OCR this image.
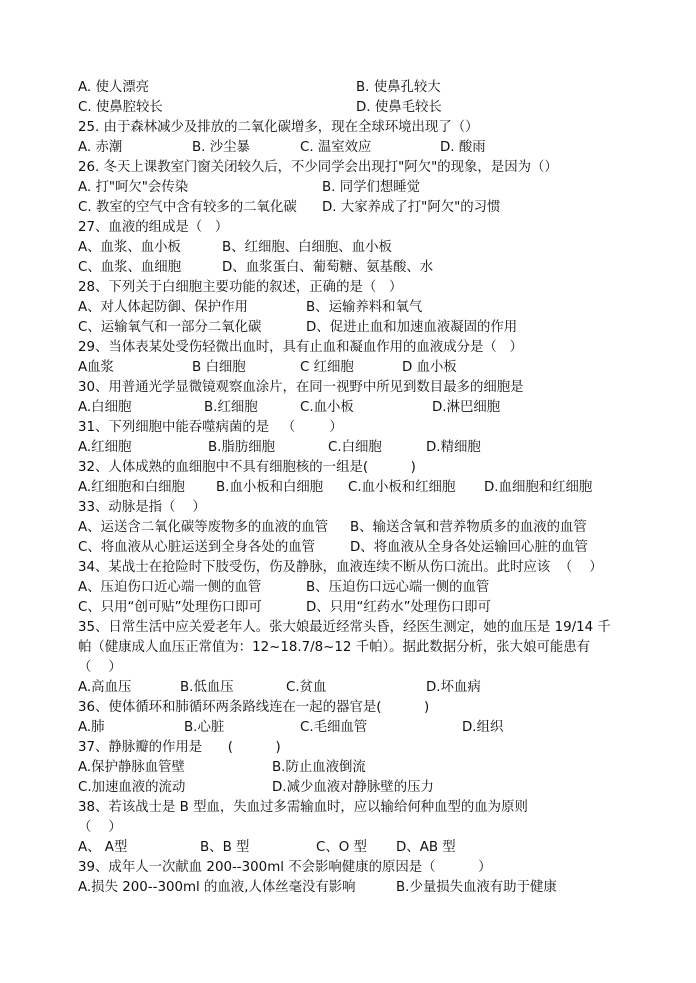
A. 使人漂亮	B. 使鼻孔较大
C. 使鼻腔较长	D. 使鼻毛较长
25. 由于森林减少及排放的二氧化碳增多，现在全球环境出现了（）
A. 赤潮	B. 沙尘暴	C. 温室效应	D. 酸雨
26. 冬天上课教室门窗关闭较久后，不少同学会出现打"阿欠"的现象，是因为（）
A. 打"呵欠"会传染	B. 同学们想睡觉
C. 教室的空气中含有较多的二氧化碳 D. 大家养成了打"阿欠"的习惯
27、血液的组成是（   ）
A、血浆、血小板	B、红细胞、白细胞、血小板
C、血浆、血细胞	D、血浆蛋白、葡萄糖、氨基酸、水
28、下列关于白细胞主要功能的叙述，正确的是（   ）
A、对人体起防御、保护作用	B、运输养料和氧气
C、运输氧气和一部分二氧化碳	D、促进止血和加速血液凝固的作用
29、当体表某处受伤轻微出血时，具有止血和凝血作用的血液成分是（   ）
A血浆	B 白细胞	C 红细胞	D 血小板
30、用普通光学显微镜观察血涂片，在同一视野中所见到数目最多的细胞是
A.白细胞	B.红细胞	C.血小板	D.淋巴细胞
31、下列细胞中能吞噬病菌的是   （        ）
A.红细胞	B.脂肪细胞	C.白细胞	D.精细胞
32、人体成熟的血细胞中不具有细胞核的一组是(          )
A.红细胞和白细胞 B.血小板和白细胞 C.血小板和红细胞 D.血细胞和红细胞
33、动脉是指（    ）
A、运送含二氧化碳等废物多的血液的血管 B、输送含氧和营养物质多的血液的血管
C、将血液从心脏运送到全身各处的血管	D、将血液从全身各处运输回心脏的血管
34、某战士在抢险时下肢受伤，伤及静脉，血液连续不断从伤口流出。此时应该  （    ）
A、压迫伤口近心端一侧的血管	B、压迫伤口远心端一侧的血管
C、只用“创可贴”处理伤口即可	D、只用“红药水”处理伤口即可
35、日常生活中应关爱老年人。张大娘最近经常头昏，经医生测定，她的血压是 19/14 千
帕（健康成人血压正常值为：12~18.7/8~12 千帕）。据此数据分析，张大娘可能患有
（    ）
A.高血压	B.低血压	C.贫血	D.坏血病
36、使体循环和肺循环两条路线连在一起的器官是(          )
A.肺	B.心脏	C.毛细血管	D.组织
37、静脉瓣的作用是      (          )
A.保护静脉血管壁	B.防止血液倒流
C.加速血液的流动	D.减少血液对静脉壁的压力
38、若该战士是 B 型血，失血过多需输血时，应以输给何种血型的血为原则
（    ）
A、 A型	B、B 型	C、O 型 D、AB 型
39、成年人一次献血 200--300ml 不会影响健康的原因是（          ）
A.损失 200--300ml 的血液,人体丝毫没有影响	B.少量损失血液有助于健康
